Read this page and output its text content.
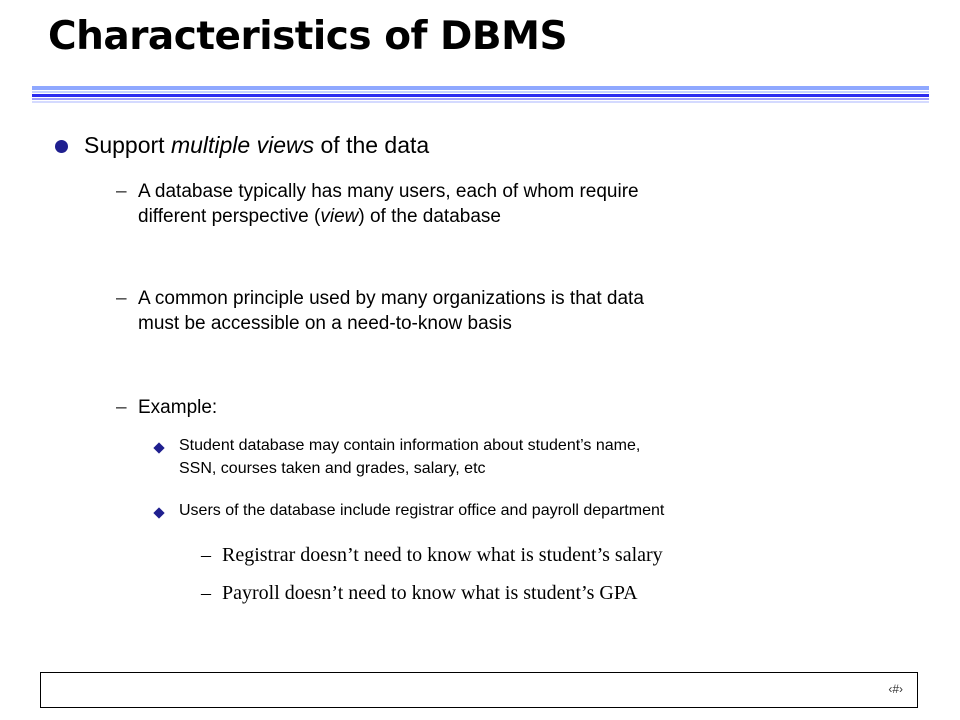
Characteristics of DBMS
Support multiple views of the data
– A database typically has many users, each of whom require
different perspective (view) of the database
– A common principle used by many organizations is that data
must be accessible on a need-to-know basis
– Example:
Student database may contain information about student’s name,
SSN, courses taken and grades, salary, etc
Users of the database include registrar office and payroll department
– Registrar doesn’t need to know what is student’s salary
– Payroll doesn’t need to know what is student’s GPA
‹#›
